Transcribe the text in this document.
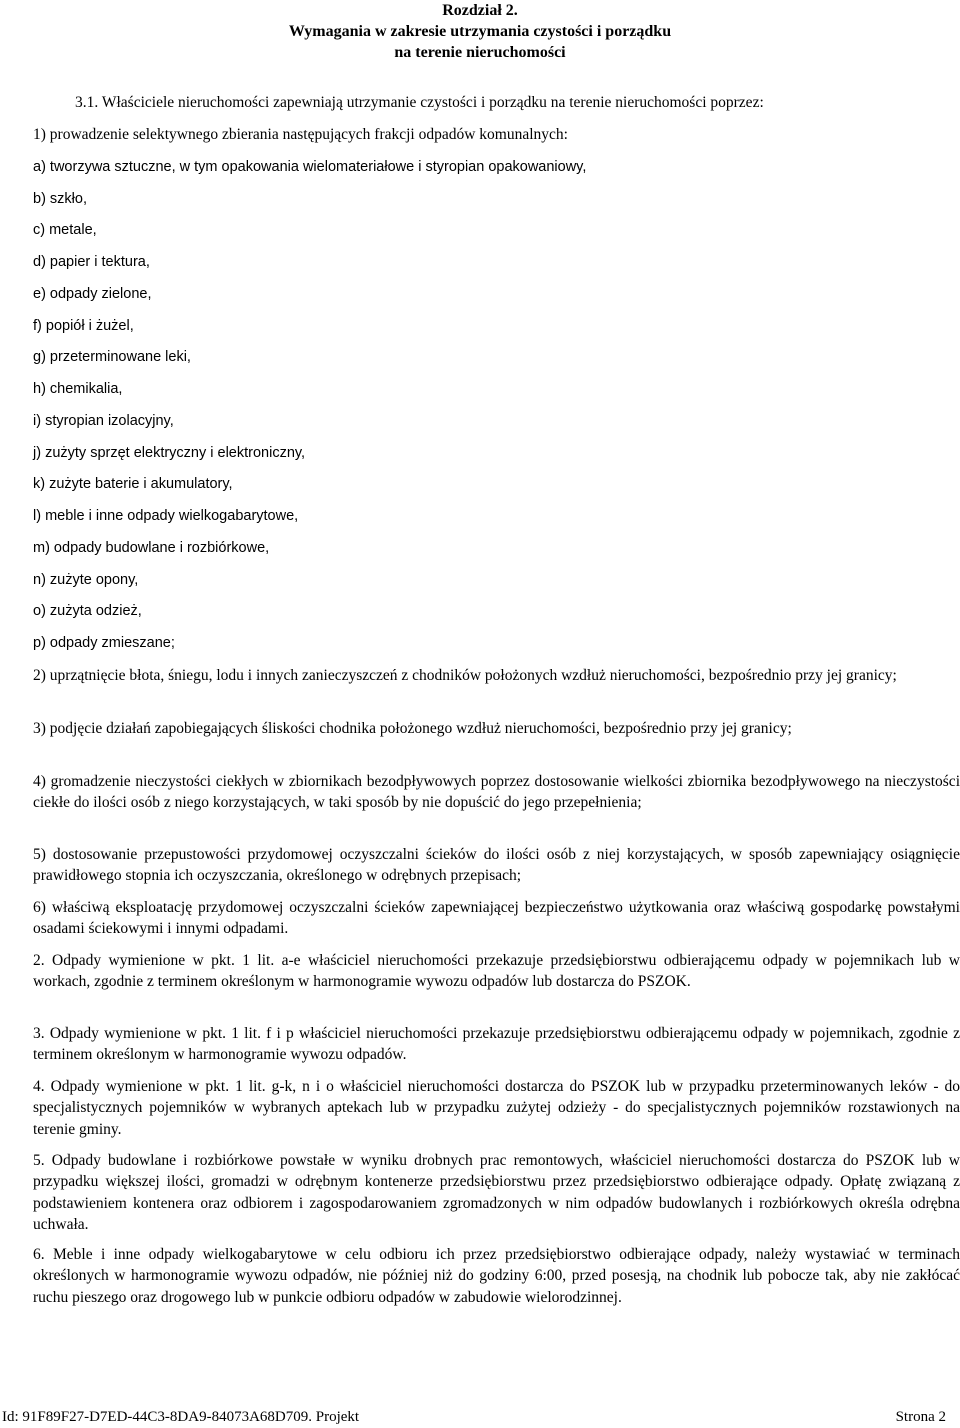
Rozdział 2.
Wymagania w zakresie utrzymania czystości i porządku
na terenie nieruchomości
3.1. Właściciele nieruchomości zapewniają utrzymanie czystości i porządku na terenie nieruchomości poprzez:
1) prowadzenie selektywnego zbierania następujących frakcji odpadów komunalnych:
a) tworzywa sztuczne, w tym opakowania wielomateriałowe i styropian opakowaniowy,
b) szkło,
c) metale,
d) papier i tektura,
e) odpady zielone,
f) popiół i żużel,
g) przeterminowane leki,
h) chemikalia,
i) styropian izolacyjny,
j) zużyty sprzęt elektryczny i elektroniczny,
k) zużyte baterie i akumulatory,
l) meble i inne odpady wielkogabarytowe,
m) odpady budowlane i rozbiórkowe,
n) zużyte opony,
o) zużyta odzież,
p) odpady zmieszane;
2) uprzątnięcie błota, śniegu, lodu i innych zanieczyszczeń z chodników położonych wzdłuż nieruchomości, bezpośrednio przy jej granicy;
3) podjęcie działań zapobiegających śliskości chodnika położonego wzdłuż nieruchomości, bezpośrednio przy jej granicy;
4) gromadzenie nieczystości ciekłych w zbiornikach bezodpływowych poprzez dostosowanie wielkości zbiornika bezodpływowego na nieczystości ciekłe do ilości osób z niego korzystających, w taki sposób by nie dopuścić do jego przepełnienia;
5) dostosowanie przepustowości przydomowej oczyszczalni ścieków do ilości osób z niej korzystających, w sposób zapewniający osiągnięcie prawidłowego stopnia ich oczyszczania, określonego w odrębnych przepisach;
6) właściwą eksploatację przydomowej oczyszczalni ścieków zapewniającej bezpieczeństwo użytkowania oraz właściwą gospodarkę powstałymi osadami ściekowymi i innymi odpadami.
2. Odpady wymienione w pkt. 1 lit. a-e właściciel nieruchomości przekazuje przedsiębiorstwu odbierającemu odpady w pojemnikach lub w workach, zgodnie z terminem określonym w harmonogramie wywozu odpadów lub dostarcza do PSZOK.
3. Odpady wymienione w pkt. 1 lit. f i p właściciel nieruchomości przekazuje przedsiębiorstwu odbierającemu odpady w pojemnikach, zgodnie z terminem określonym w harmonogramie wywozu odpadów.
4. Odpady wymienione w pkt. 1 lit. g-k, n i o właściciel nieruchomości dostarcza do PSZOK lub w przypadku przeterminowanych leków - do specjalistycznych pojemników w wybranych aptekach lub w przypadku zużytej odzieży - do specjalistycznych pojemników rozstawionych na terenie gminy.
5. Odpady budowlane i rozbiórkowe powstałe w wyniku drobnych prac remontowych, właściciel nieruchomości dostarcza do PSZOK lub w przypadku większej ilości, gromadzi w odrębnym kontenerze przedsiębiorstwu przez przedsiębiorstwo odbierające odpady. Opłatę związaną z podstawieniem kontenera oraz odbiorem i zagospodarowaniem zgromadzonych w nim odpadów budowlanych i rozbiórkowych określa odrębna uchwała.
6. Meble i inne odpady wielkogabarytowe w celu odbioru ich przez przedsiębiorstwo odbierające odpady, należy wystawiać w terminach określonych w harmonogramie wywozu odpadów, nie później niż do godziny 6:00, przed posesją, na chodnik lub pobocze tak, aby nie zakłócać ruchu pieszego oraz drogowego lub w punkcie odbioru odpadów w zabudowie wielorodzinnej.
Id: 91F89F27-D7ED-44C3-8DA9-84073A68D709. Projekt	Strona 2
